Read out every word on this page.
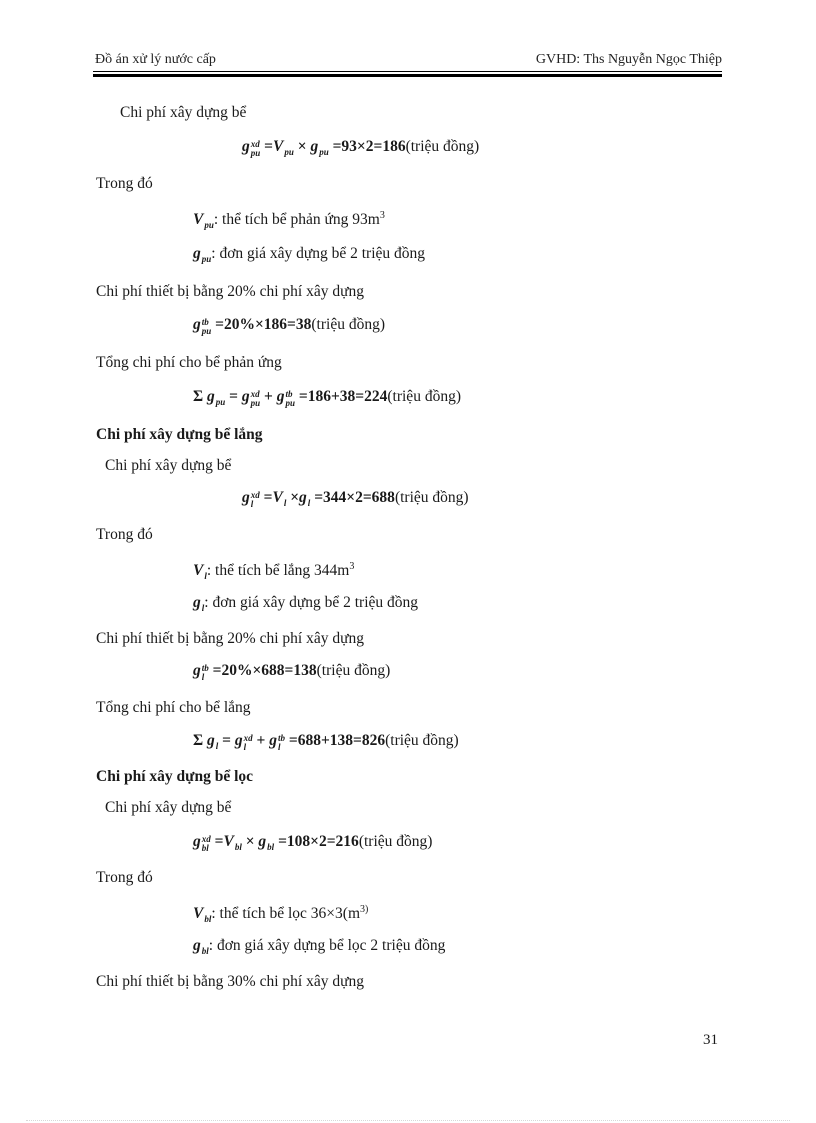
Đồ án xử lý nước cấp	GVHD: Ths Nguyễn Ngọc Thiệp
Chi phí xây dựng bể
g xd
pu $=V_{pu} \times g_{pu}$ =93×2=186(triệu đồng)
Trong đó
$V_{pu}$: thể tích bể phản ứng $93m^3$
$g_{pu}$: đơn giá xây dựng bể 2 triệu đồng
Chi phí thiết bị bằng 20% chi phí xây dựng
g tb
pu =20%×186=38(triệu đồng)
Tổng chi phí cho bể phản ứng
Σ $g_{pu} = g$ xd
pu + g tb
pu =186+38=224(triệu đồng)
Chi phí xây dựng bể lắng
Chi phí xây dựng bể
g xd
$l =V_l \times g_l$ =344×2=688(triệu đồng)
Trong đó
$V_l$: thể tích bể lắng $344m^3$
$g_l$: đơn giá xây dựng bể 2 triệu đồng
Chi phí thiết bị bằng 20% chi phí xây dựng
g tb
l =20%×688=138(triệu đồng)
Tổng chi phí cho bể lắng
Σ $g_l = g$ xd
l + g tb
l =688+138=826(triệu đồng)
Chi phí xây dựng bể lọc
Chi phí xây dựng bể
g xd
bl $=V_{bl} \times g_{bl}$ =108×2=216(triệu đồng)
Trong đó
$V_{bl}$: thể tích bể lọc $36\times 3(m^{3)}$
$g_{bl}$: đơn giá xây dựng bể lọc 2 triệu đồng
Chi phí thiết bị bằng 30% chi phí xây dựng
31
